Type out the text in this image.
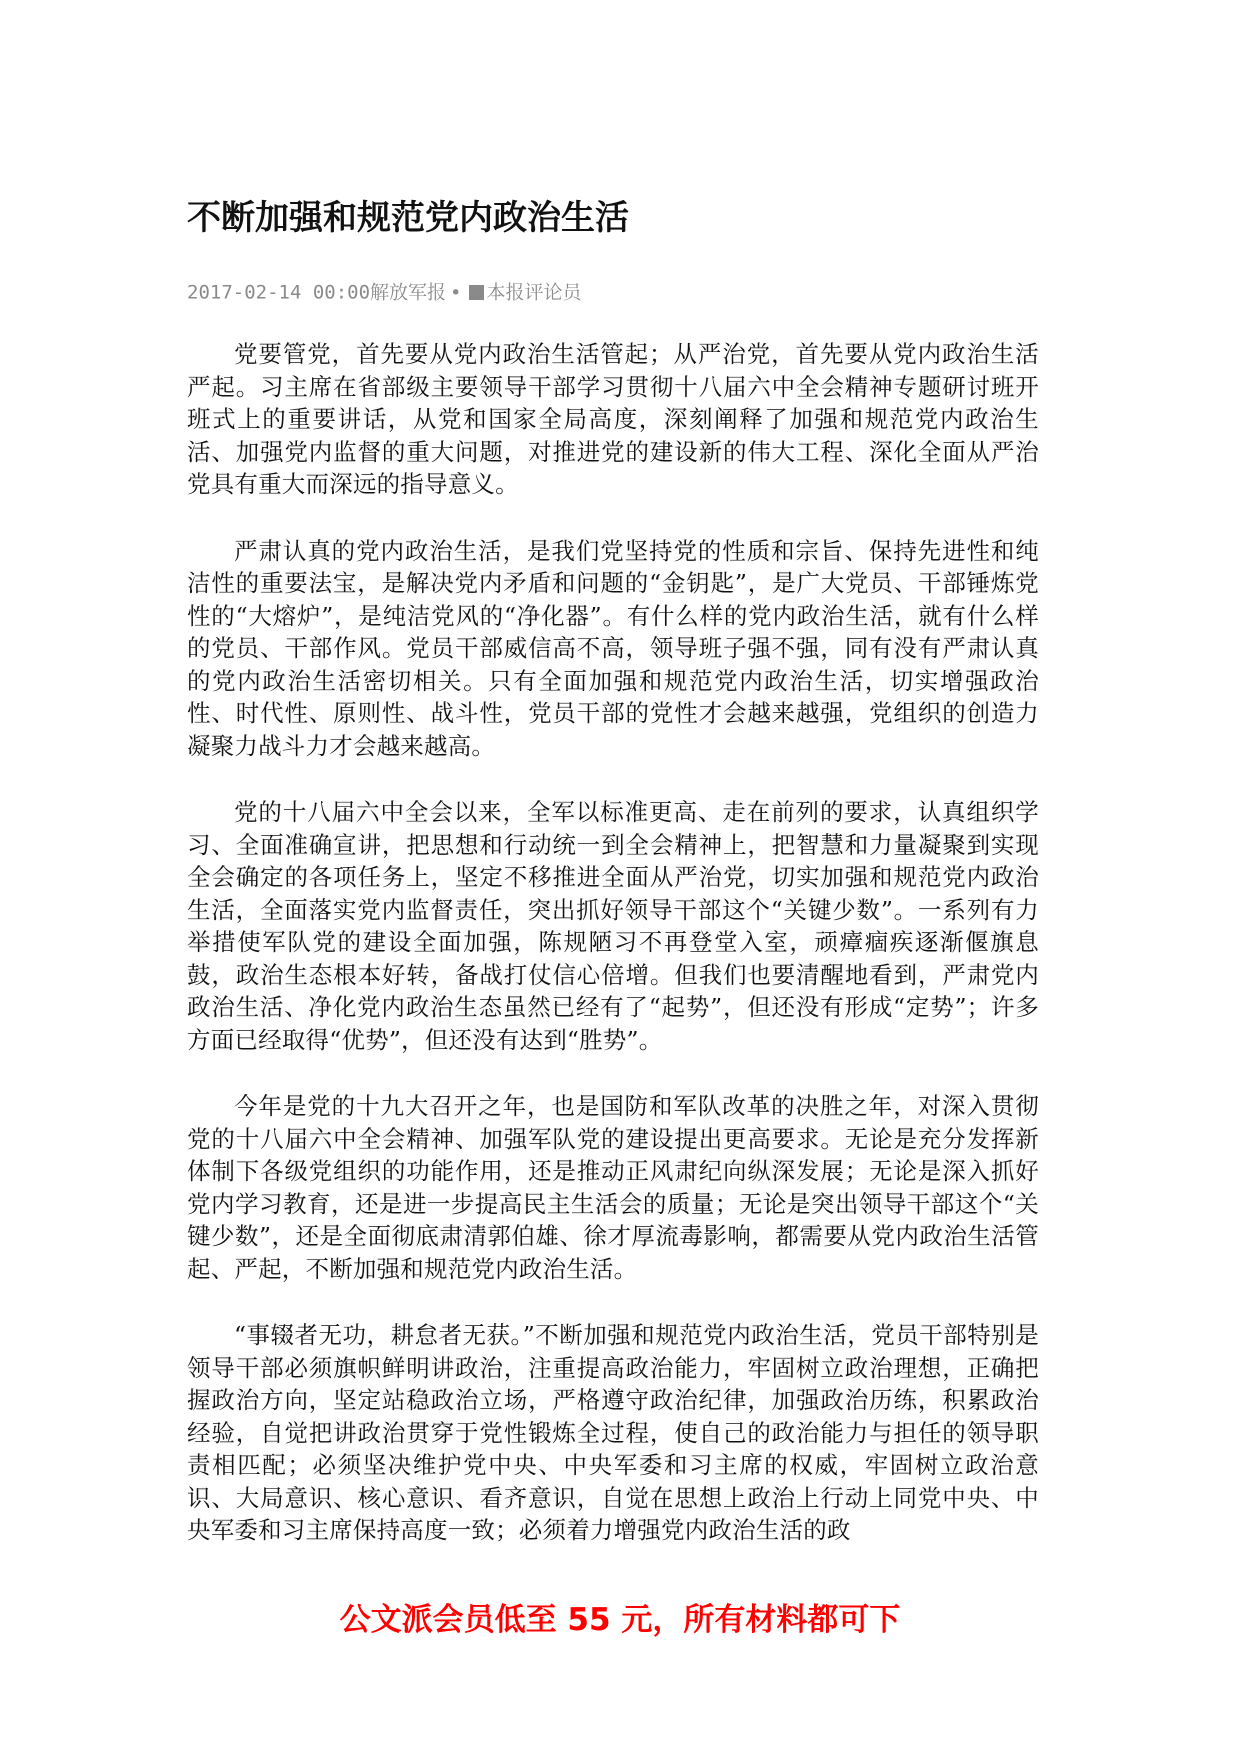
不断加强和规范党内政治生活
2017-02-14 00:00解放军报 • 本报评论员

党要管党，首先要从党内政治生活管起；从严治党，首先要从党内政治生活严起。习主席在省部级主要领导干部学习贯彻十八届六中全会精神专题研讨班开班式上的重要讲话，从党和国家全局高度，深刻阐释了加强和规范党内政治生活、加强党内监督的重大问题，对推进党的建设新的伟大工程、深化全面从严治党具有重大而深远的指导意义。

严肃认真的党内政治生活，是我们党坚持党的性质和宗旨、保持先进性和纯洁性的重要法宝，是解决党内矛盾和问题的“金钥匙”，是广大党员、干部锤炼党性的“大熔炉”，是纯洁党风的“净化器”。有什么样的党内政治生活，就有什么样的党员、干部作风。党员干部威信高不高，领导班子强不强，同有没有严肃认真的党内政治生活密切相关。只有全面加强和规范党内政治生活，切实增强政治性、时代性、原则性、战斗性，党员干部的党性才会越来越强，党组织的创造力凝聚力战斗力才会越来越高。

党的十八届六中全会以来，全军以标准更高、走在前列的要求，认真组织学习、全面准确宣讲，把思想和行动统一到全会精神上，把智慧和力量凝聚到实现全会确定的各项任务上，坚定不移推进全面从严治党，切实加强和规范党内政治生活，全面落实党内监督责任，突出抓好领导干部这个“关键少数”。一系列有力举措使军队党的建设全面加强，陈规陋习不再登堂入室，顽瘴痼疾逐渐偃旗息鼓，政治生态根本好转，备战打仗信心倍增。但我们也要清醒地看到，严肃党内政治生活、净化党内政治生态虽然已经有了“起势”，但还没有形成“定势”；许多方面已经取得“优势”，但还没有达到“胜势”。

今年是党的十九大召开之年，也是国防和军队改革的决胜之年，对深入贯彻党的十八届六中全会精神、加强军队党的建设提出更高要求。无论是充分发挥新体制下各级党组织的功能作用，还是推动正风肃纪向纵深发展；无论是深入抓好党内学习教育，还是进一步提高民主生活会的质量；无论是突出领导干部这个“关键少数”，还是全面彻底肃清郭伯雄、徐才厚流毒影响，都需要从党内政治生活管起、严起，不断加强和规范党内政治生活。

“事辍者无功，耕怠者无获。”不断加强和规范党内政治生活，党员干部特别是领导干部必须旗帜鲜明讲政治，注重提高政治能力，牢固树立政治理想，正确把握政治方向，坚定站稳政治立场，严格遵守政治纪律，加强政治历练，积累政治经验，自觉把讲政治贯穿于党性锻炼全过程，使自己的政治能力与担任的领导职责相匹配；必须坚决维护党中央、中央军委和习主席的权威，牢固树立政治意识、大局意识、核心意识、看齐意识，自觉在思想上政治上行动上同党中央、中央军委和习主席保持高度一致；必须着力增强党内政治生活的政

公文派会员低至 55 元，所有材料都可下
